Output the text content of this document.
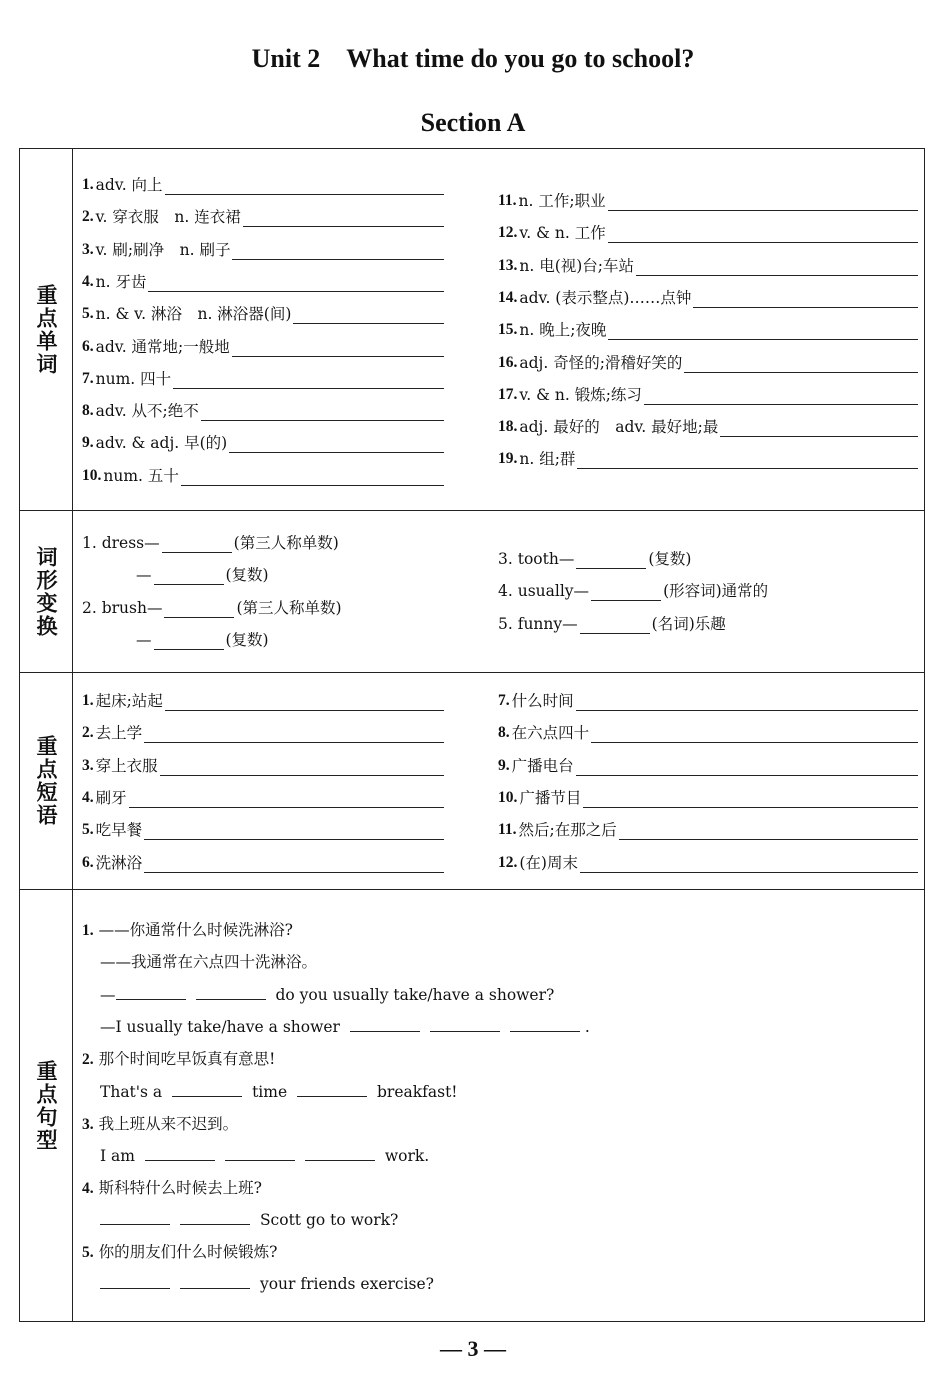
Unit 2　What time do you go to school?
Section A
重点单词
1. adv. 向上
2. v. 穿衣服　n. 连衣裙
3. v. 刷;刷净　n. 刷子
4. n. 牙齿
5. n. & v. 淋浴　n. 淋浴器(间)
6. adv. 通常地;一般地
7. num. 四十
8. adv. 从不;绝不
9. adv. & adj. 早(的)
10. num. 五十
11. n. 工作;职业
12. v. & n. 工作
13. n. 电(视)台;车站
14. adv. (表示整点)……点钟
15. n. 晚上;夜晚
16. adj. 奇怪的;滑稽好笑的
17. v. & n. 锻炼;练习
18. adj. 最好的　adv. 最好地;最
19. n. 组;群
词形变换
1. dress—	(第三人称单数)
—	(复数)
2. brush—	(第三人称单数)
—	(复数)
3. tooth—	(复数)
4. usually—	(形容词)通常的
5. funny—	(名词)乐趣
重点短语
1. 起床;站起
2. 去上学
3. 穿上衣服
4. 刷牙
5. 吃早餐
6. 洗淋浴
7. 什么时间
8. 在六点四十
9. 广播电台
10. 广播节目
11. 然后;在那之后
12. (在)周末
重点句型
1. ——你通常什么时候洗淋浴?
——我通常在六点四十洗淋浴。
—	do you usually take/have a shower?
—I usually take/have a shower	.
2. 那个时间吃早饭真有意思!
That's a	time	breakfast!
3. 我上班从来不迟到。
I am	work.
4. 斯科特什么时候去上班?
Scott go to work?
5. 你的朋友们什么时候锻炼?
your friends exercise?
— 3 —
